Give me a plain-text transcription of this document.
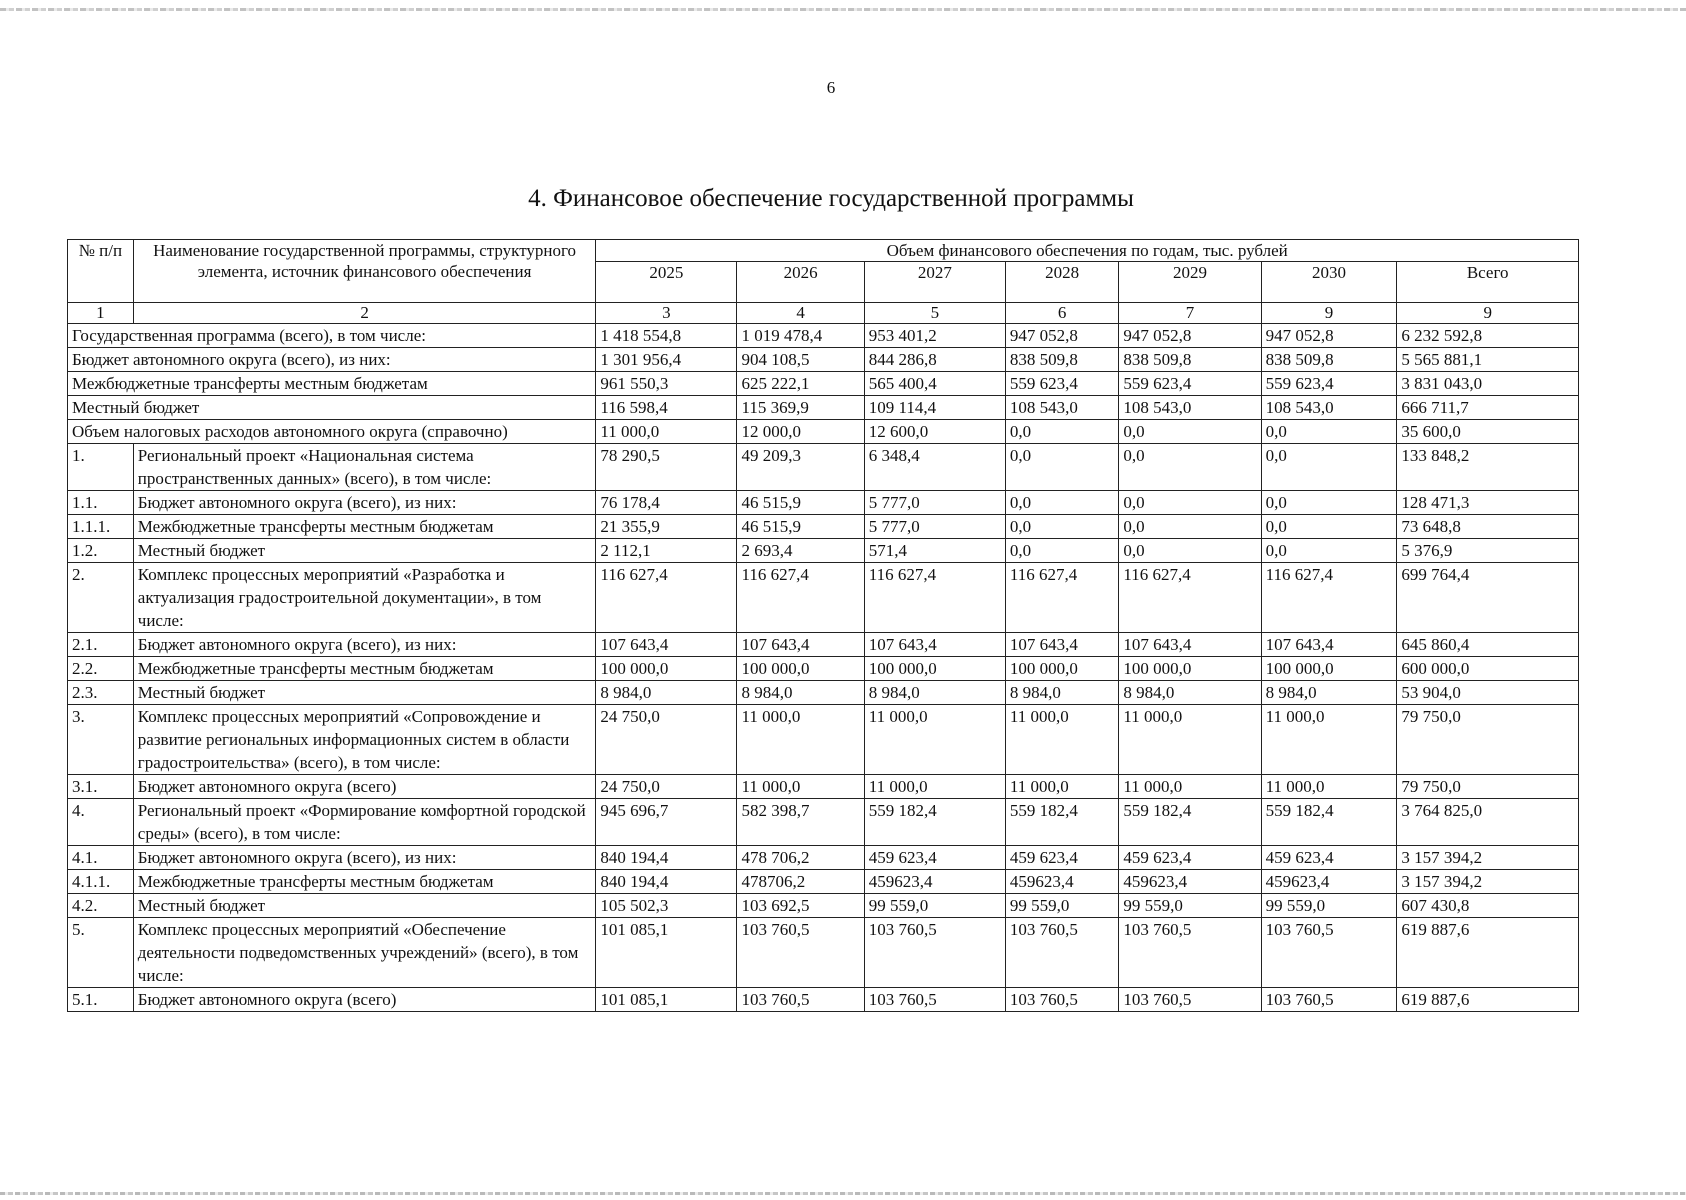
6
4. Финансовое обеспечение государственной программы
№ п/п	Наименование государственной программы, структурного элемента, источник финансового обеспечения	Объем финансового обеспечения по годам, тыс. рублей						
		2025	2026	2027	2028	2029	2030	Всего
1	2	3	4	5	6	7	9	9
Государственная программа (всего), в том числе:		1 418 554,8	1 019 478,4	953 401,2	947 052,8	947 052,8	947 052,8	6 232 592,8
Бюджет автономного округа (всего), из них:		1 301 956,4	904 108,5	844 286,8	838 509,8	838 509,8	838 509,8	5 565 881,1
Межбюджетные трансферты местным бюджетам		961 550,3	625 222,1	565 400,4	559 623,4	559 623,4	559 623,4	3 831 043,0
Местный бюджет		116 598,4	115 369,9	109 114,4	108 543,0	108 543,0	108 543,0	666 711,7
Объем налоговых расходов автономного округа (справочно)		11 000,0	12 000,0	12 600,0	0,0	0,0	0,0	35 600,0
1.	Региональный проект «Национальная система пространственных данных» (всего), в том числе:	78 290,5	49 209,3	6 348,4	0,0	0,0	0,0	133 848,2
1.1.	Бюджет автономного округа (всего), из них:	76 178,4	46 515,9	5 777,0	0,0	0,0	0,0	128 471,3
1.1.1.	Межбюджетные трансферты местным бюджетам	21 355,9	46 515,9	5 777,0	0,0	0,0	0,0	73 648,8
1.2.	Местный бюджет	2 112,1	2 693,4	571,4	0,0	0,0	0,0	5 376,9
2.	Комплекс процессных мероприятий «Разработка и актуализация градостроительной документации», в том числе:	116 627,4	116 627,4	116 627,4	116 627,4	116 627,4	116 627,4	699 764,4
2.1.	Бюджет автономного округа (всего), из них:	107 643,4	107 643,4	107 643,4	107 643,4	107 643,4	107 643,4	645 860,4
2.2.	Межбюджетные трансферты местным бюджетам	100 000,0	100 000,0	100 000,0	100 000,0	100 000,0	100 000,0	600 000,0
2.3.	Местный бюджет	8 984,0	8 984,0	8 984,0	8 984,0	8 984,0	8 984,0	53 904,0
3.	Комплекс процессных мероприятий «Сопровождение и развитие региональных информационных систем в области градостроительства» (всего), в том числе:	24 750,0	11 000,0	11 000,0	11 000,0	11 000,0	11 000,0	79 750,0
3.1.	Бюджет автономного округа (всего)	24 750,0	11 000,0	11 000,0	11 000,0	11 000,0	11 000,0	79 750,0
4.	Региональный проект «Формирование комфортной городской среды» (всего), в том числе:	945 696,7	582 398,7	559 182,4	559 182,4	559 182,4	559 182,4	3 764 825,0
4.1.	Бюджет автономного округа (всего), из них:	840 194,4	478 706,2	459 623,4	459 623,4	459 623,4	459 623,4	3 157 394,2
4.1.1.	Межбюджетные трансферты местным бюджетам	840 194,4	478706,2	459623,4	459623,4	459623,4	459623,4	3 157 394,2
4.2.	Местный бюджет	105 502,3	103 692,5	99 559,0	99 559,0	99 559,0	99 559,0	607 430,8
5.	Комплекс процессных мероприятий «Обеспечение деятельности подведомственных учреждений» (всего), в том числе:	101 085,1	103 760,5	103 760,5	103 760,5	103 760,5	103 760,5	619 887,6
5.1.	Бюджет автономного округа (всего)	101 085,1	103 760,5	103 760,5	103 760,5	103 760,5	103 760,5	619 887,6
